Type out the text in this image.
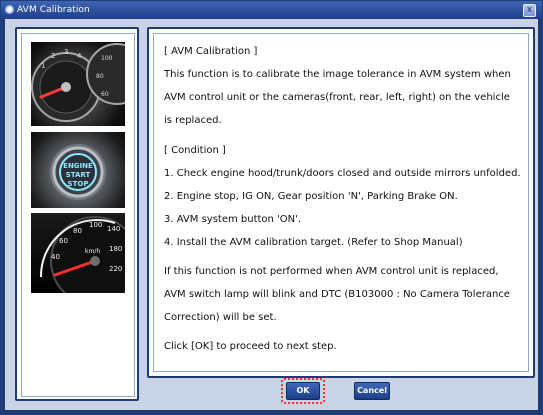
AVM Calibration	x
1
2 3 4	100
80
60
ENGINE
START
STOP
40
60
80
100 140
180
220
km/h
[ AVM Calibration ]
This function is to calibrate the image tolerance in AVM system when
AVM control unit or the cameras(front, rear, left, right) on the vehicle
is replaced.
[ Condition ]
1. Check engine hood/trunk/doors closed and outside mirrors unfolded.
2. Engine stop, IG ON, Gear position 'N', Parking Brake ON.
3. AVM system button 'ON'.
4. Install the AVM calibration target. (Refer to Shop Manual)
If this function is not performed when AVM control unit is replaced,
AVM switch lamp will blink and DTC (B103000 : No Camera Tolerance
Correction) will be set.
Click [OK] to proceed to next step.
OK	Cancel
